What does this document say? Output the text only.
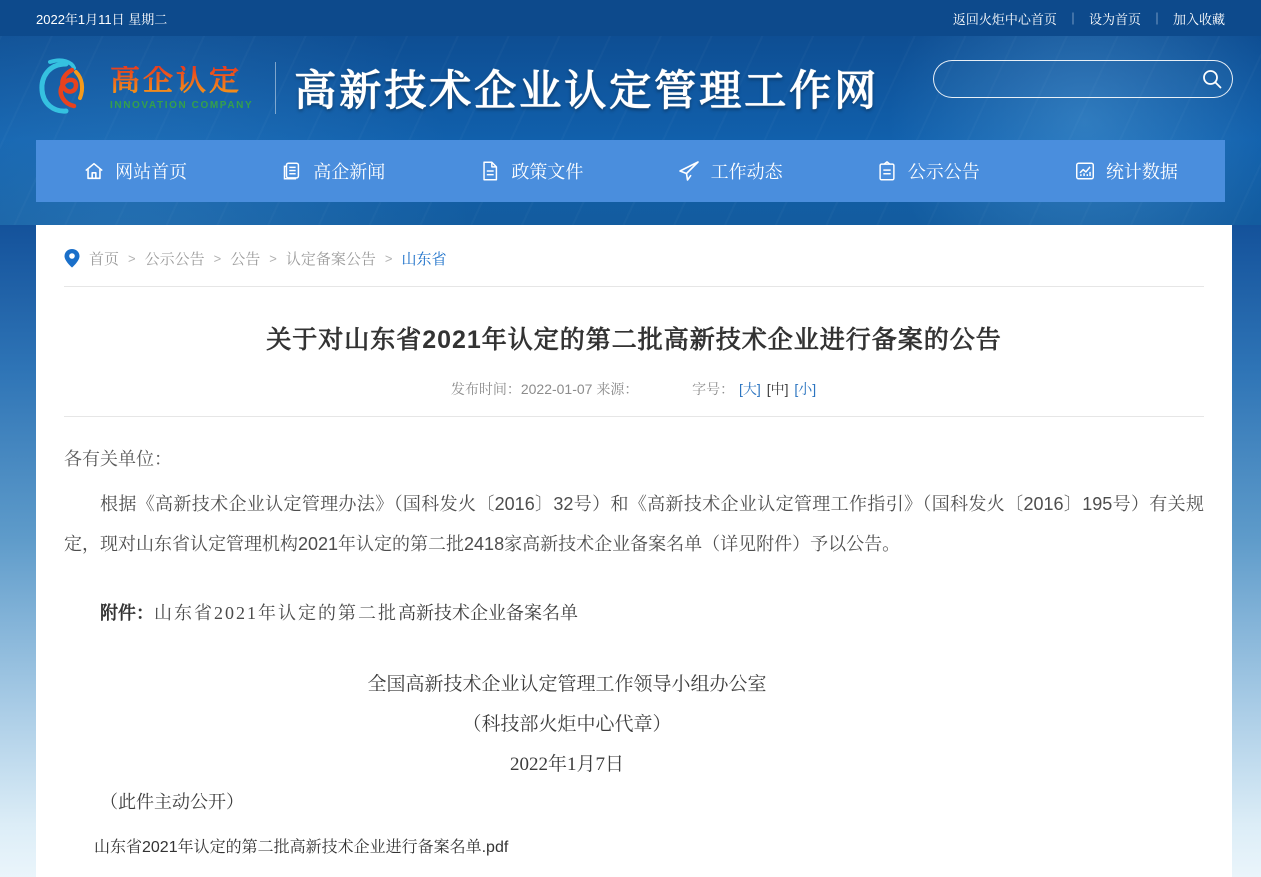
2022年1月11日 星期二	返回火炬中心首页 ｜ 设为首页 ｜ 加入收藏
高企认定
INNOVATION COMPANY 高新技术企业认定管理工作网
网站首页	高企新闻	政策文件	工作动态	公示公告	统计数据
首页 > 公示公告 > 公告 > 认定备案公告 > 山东省
关于对山东省2021年认定的第二批高新技术企业进行备案的公告
发布时间：2022-01-07 来源：	字号： [大] [中] [小]

各有关单位：

根据《高新技术企业认定管理办法》（国科发火〔2016〕32号）和《高新技术企业认定管理工作指引》（国科发火〔2016〕195号）有关规定，现对山东省认定管理机构2021年认定的第二批2418家高新技术企业备案名单（详见附件）予以公告。

附件：山东省2021年认定的第二批高新技术企业备案名单

全国高新技术企业认定管理工作领导小组办公室

（科技部火炬中心代章）

2022年1月7日

（此件主动公开）

山东省2021年认定的第二批高新技术企业进行备案名单.pdf
